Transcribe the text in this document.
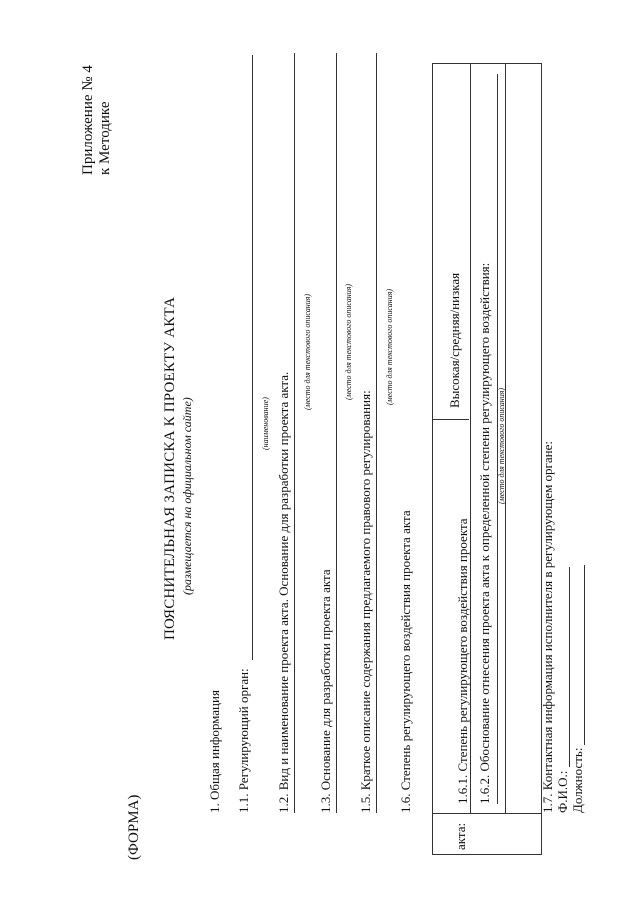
Приложение № 4 к Методике
(ФОРМА)
ПОЯСНИТЕЛЬНАЯ ЗАПИСКА К ПРОЕКТУ АКТА (размещается на официальном сайте)
1. Общая информация 1.1. Регулирующий орган:
(наименование) 1.2. Вид и наименование проекта акта. Основание для разработки проекта акта.
(место для текстового описания)
1.3. Основание для разработки проекта акта
(место для текстового описания)
1.5. Краткое описание содержания предлагаемого правового регулирования:
(место для текстового описания)
1.6. Степень регулирующего воздействия проекта акта
акта:
1.6.1. Степень регулирующего воздействия проекта
Высокая/средняя/низкая 1.6.2. Обоснование отнесения проекта акта к определенной степени регулирующего воздействия: (место для текстового описания)	1.7. Контактная информация исполнителя в регулирующем органе: Ф.И.О.: Должность:
